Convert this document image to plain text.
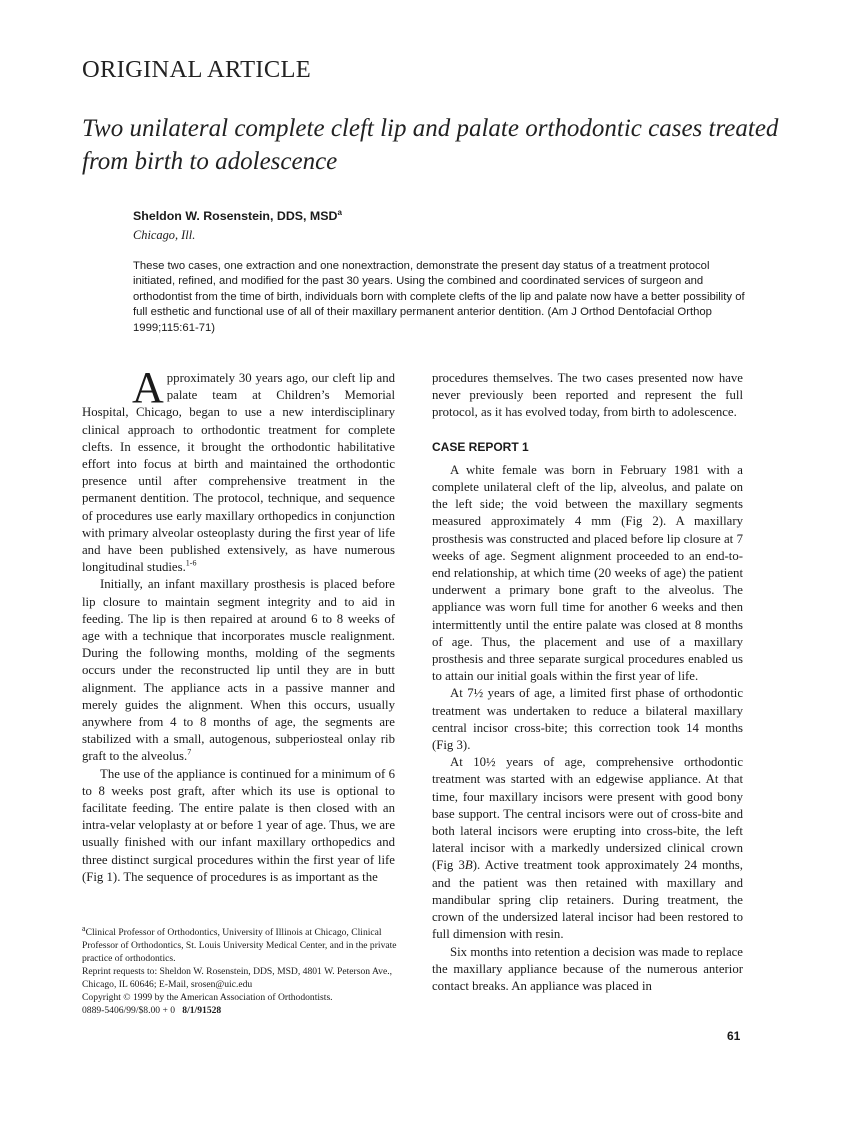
ORIGINAL ARTICLE
Two unilateral complete cleft lip and palate orthodontic cases treated from birth to adolescence
Sheldon W. Rosenstein, DDS, MSD$^a$
Chicago, Ill.

These two cases, one extraction and one nonextraction, demonstrate the present day status of a treatment protocol initiated, refined, and modified for the past 30 years. Using the combined and coordinated services of surgeon and orthodontist from the time of birth, individuals born with complete clefts of the lip and palate now have a better possibility of full esthetic and functional use of all of their maxillary permanent anterior dentition. (Am J Orthod Dentofacial Orthop 1999;115:61-71)

Approximately 30 years ago, our cleft lip and palate team at Children’s Memorial Hospital, Chicago, began to use a new interdisciplinary clinical approach to orthodontic treatment for complete clefts. In essence, it brought the orthodontic habilitative effort into focus at birth and maintained the orthodontic presence until after comprehensive treatment in the permanent dentition. The protocol, technique, and sequence of procedures use early maxillary orthopedics in conjunction with primary alveolar osteoplasty during the first year of life and have been published extensively, as have numerous longitudinal studies.$^{1-6}$

Initially, an infant maxillary prosthesis is placed before lip closure to maintain segment integrity and to aid in feeding. The lip is then repaired at around 6 to 8 weeks of age with a technique that incorporates muscle realignment. During the following months, molding of the segments occurs under the reconstructed lip until they are in butt alignment. The appliance acts in a passive manner and merely guides the alignment. When this occurs, usually anywhere from 4 to 8 months of age, the segments are stabilized with a small, autogenous, subperiosteal onlay rib graft to the alveolus.$^7$

The use of the appliance is continued for a minimum of 6 to 8 weeks post graft, after which its use is optional to facilitate feeding. The entire palate is then closed with an intra-velar veloplasty at or before 1 year of age. Thus, we are usually finished with our infant maxillary orthopedics and three distinct surgical procedures within the first year of life (Fig 1). The sequence of procedures is as important as the

procedures themselves. The two cases presented now have never previously been reported and represent the full protocol, as it has evolved today, from birth to adolescence.

CASE REPORT 1

A white female was born in February 1981 with a complete unilateral cleft of the lip, alveolus, and palate on the left side; the void between the maxillary segments measured approximately 4 mm (Fig 2). A maxillary prosthesis was constructed and placed before lip closure at 7 weeks of age. Segment alignment proceeded to an end-to-end relationship, at which time (20 weeks of age) the patient underwent a primary bone graft to the alveolus. The appliance was worn full time for another 6 weeks and then intermittently until the entire palate was closed at 8 months of age. Thus, the placement and use of a maxillary prosthesis and three separate surgical procedures enabled us to attain our initial goals within the first year of life.

At 7½ years of age, a limited first phase of orthodontic treatment was undertaken to reduce a bilateral maxillary central incisor cross-bite; this correction took 14 months (Fig 3).

At 10½ years of age, comprehensive orthodontic treatment was started with an edgewise appliance. At that time, four maxillary incisors were present with good bony base support. The central incisors were out of cross-bite and both lateral incisors were erupting into cross-bite, the left lateral incisor with a markedly undersized clinical crown (Fig 3B). Active treatment took approximately 24 months, and the patient was then retained with maxillary and mandibular spring clip retainers. During treatment, the crown of the undersized lateral incisor had been restored to full dimension with resin.

Six months into retention a decision was made to replace the maxillary appliance because of the numerous anterior contact breaks. An appliance was placed in

$^a$Clinical Professor of Orthodontics, University of Illinois at Chicago, Clinical Professor of Orthodontics, St. Louis University Medical Center, and in the private practice of orthodontics.

Reprint requests to: Sheldon W. Rosenstein, DDS, MSD, 4801 W. Peterson Ave., Chicago, IL 60646; E-Mail, srosen@uic.edu

Copyright © 1999 by the American Association of Orthodontists.

0889-5406/99/$8.00 + 0 8/1/91528

61
